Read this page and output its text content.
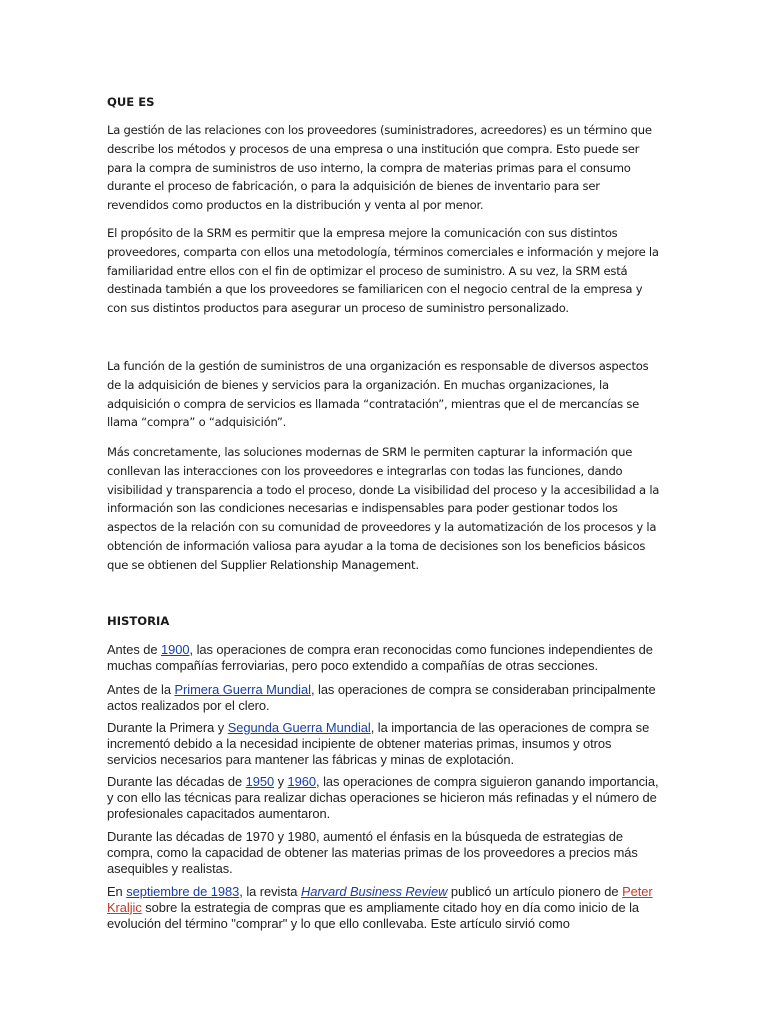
QUE ES

La gestión de las relaciones con los proveedores (suministradores, acreedores) es un término que describe los métodos y procesos de una empresa o una institución que compra. Esto puede ser para la compra de suministros de uso interno, la compra de materias primas para el consumo durante el proceso de fabricación, o para la adquisición de bienes de inventario para ser revendidos como productos en la distribución y venta al por menor.

El propósito de la SRM es permitir que la empresa mejore la comunicación con sus distintos proveedores, comparta con ellos una metodología, términos comerciales e información y mejore la familiaridad entre ellos con el fin de optimizar el proceso de suministro. A su vez, la SRM está destinada también a que los proveedores se familiaricen con el negocio central de la empresa y con sus distintos productos para asegurar un proceso de suministro personalizado.

La función de la gestión de suministros de una organización es responsable de diversos aspectos de la adquisición de bienes y servicios para la organización. En muchas organizaciones, la adquisición o compra de servicios es llamada “contratación”, mientras que el de mercancías se llama “compra” o “adquisición”.

Más concretamente, las soluciones modernas de SRM le permiten capturar la información que conllevan las interacciones con los proveedores e integrarlas con todas las funciones, dando visibilidad y transparencia a todo el proceso, donde La visibilidad del proceso y la accesibilidad a la información son las condiciones necesarias e indispensables para poder gestionar todos los aspectos de la relación con su comunidad de proveedores y la automatización de los procesos y la obtención de información valiosa para ayudar a la toma de decisiones son los beneficios básicos que se obtienen del Supplier Relationship Management.

HISTORIA

Antes de 1900, las operaciones de compra eran reconocidas como funciones independientes de muchas compañías ferroviarias, pero poco extendido a compañías de otras secciones.

Antes de la Primera Guerra Mundial, las operaciones de compra se consideraban principalmente actos realizados por el clero.

Durante la Primera y Segunda Guerra Mundial, la importancia de las operaciones de compra se incrementó debido a la necesidad incipiente de obtener materias primas, insumos y otros servicios necesarios para mantener las fábricas y minas de explotación.

Durante las décadas de 1950 y 1960, las operaciones de compra siguieron ganando importancia, y con ello las técnicas para realizar dichas operaciones se hicieron más refinadas y el número de profesionales capacitados aumentaron.

Durante las décadas de 1970 y 1980, aumentó el énfasis en la búsqueda de estrategias de compra, como la capacidad de obtener las materias primas de los proveedores a precios más asequibles y realistas.

En septiembre de 1983, la revista Harvard Business Review publicó un artículo pionero de Peter Kraljic sobre la estrategia de compras que es ampliamente citado hoy en día como inicio de la evolución del término "comprar" y lo que ello conllevaba. Este artículo sirvió como
